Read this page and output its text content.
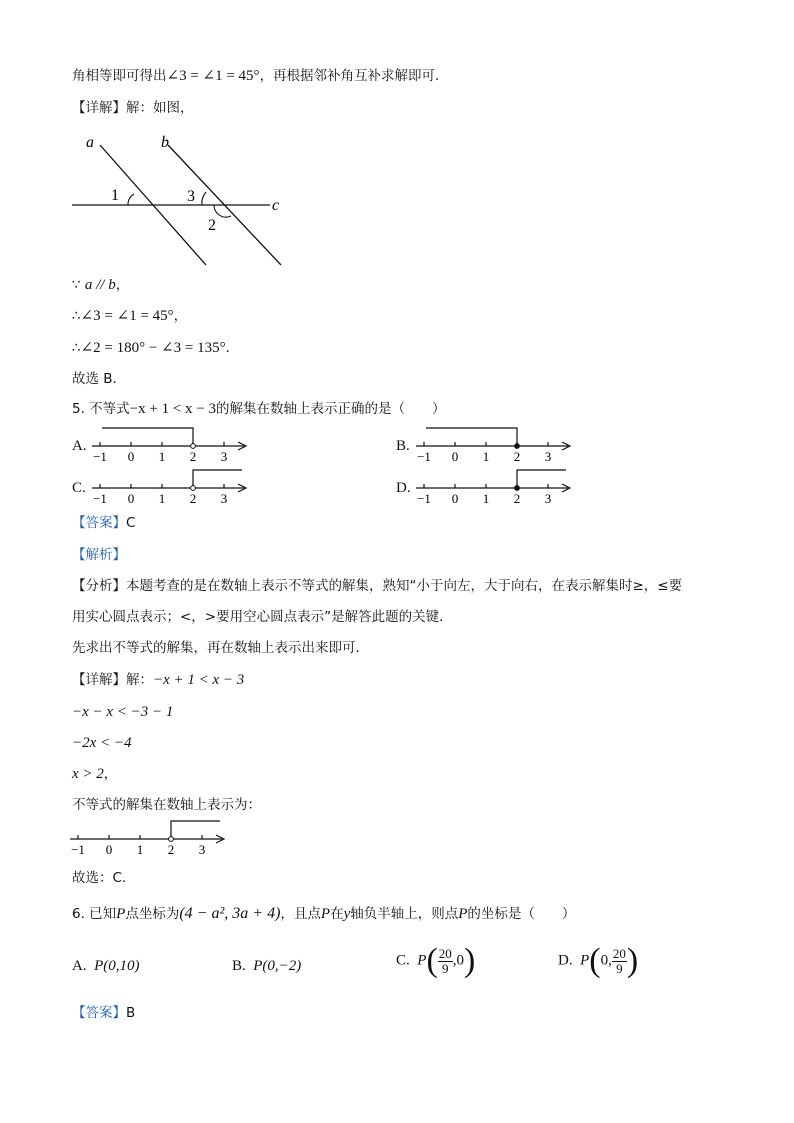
角相等即可得出∠3 = ∠1 = 45°，再根据邻补角互补求解即可．
【详解】解：如图，
a	b
c
1	3
2
∵ a // b，
∴∠3 = ∠1 = 45°，
∴∠2 = 180° − ∠3 = 135°．
故选 B．
5. 不等式−x + 1 < x − 3的解集在数轴上表示正确的是（　　）
A.	B.
C.	D.
−1 0 1 2 3	−1 0 1 2 3
−1 0 1 2 3	−1 0 1 2 3
【答案】C
【解析】
【分析】本题考查的是在数轴上表示不等式的解集，熟知“小于向左，大于向右，在表示解集时≥，≤要
用实心圆点表示；<，>要用空心圆点表示”是解答此题的关键．
先求出不等式的解集，再在数轴上表示出来即可．
【详解】解：−x + 1 < x − 3
−x − x < −3 − 1
−2x < −4
x > 2，
不等式的解集在数轴上表示为：
−1 0 1 2 3
故选：C．
6. 已知P点坐标为(4 − a², 3a + 4)，且点P在y轴负半轴上，则点P的坐标是（　　）
A. P(0,10)	B. P(0,−2)	C. $P( \frac{20}{9} ,0)$	D. P(0, $\frac{20}{9}$ )
【答案】B
